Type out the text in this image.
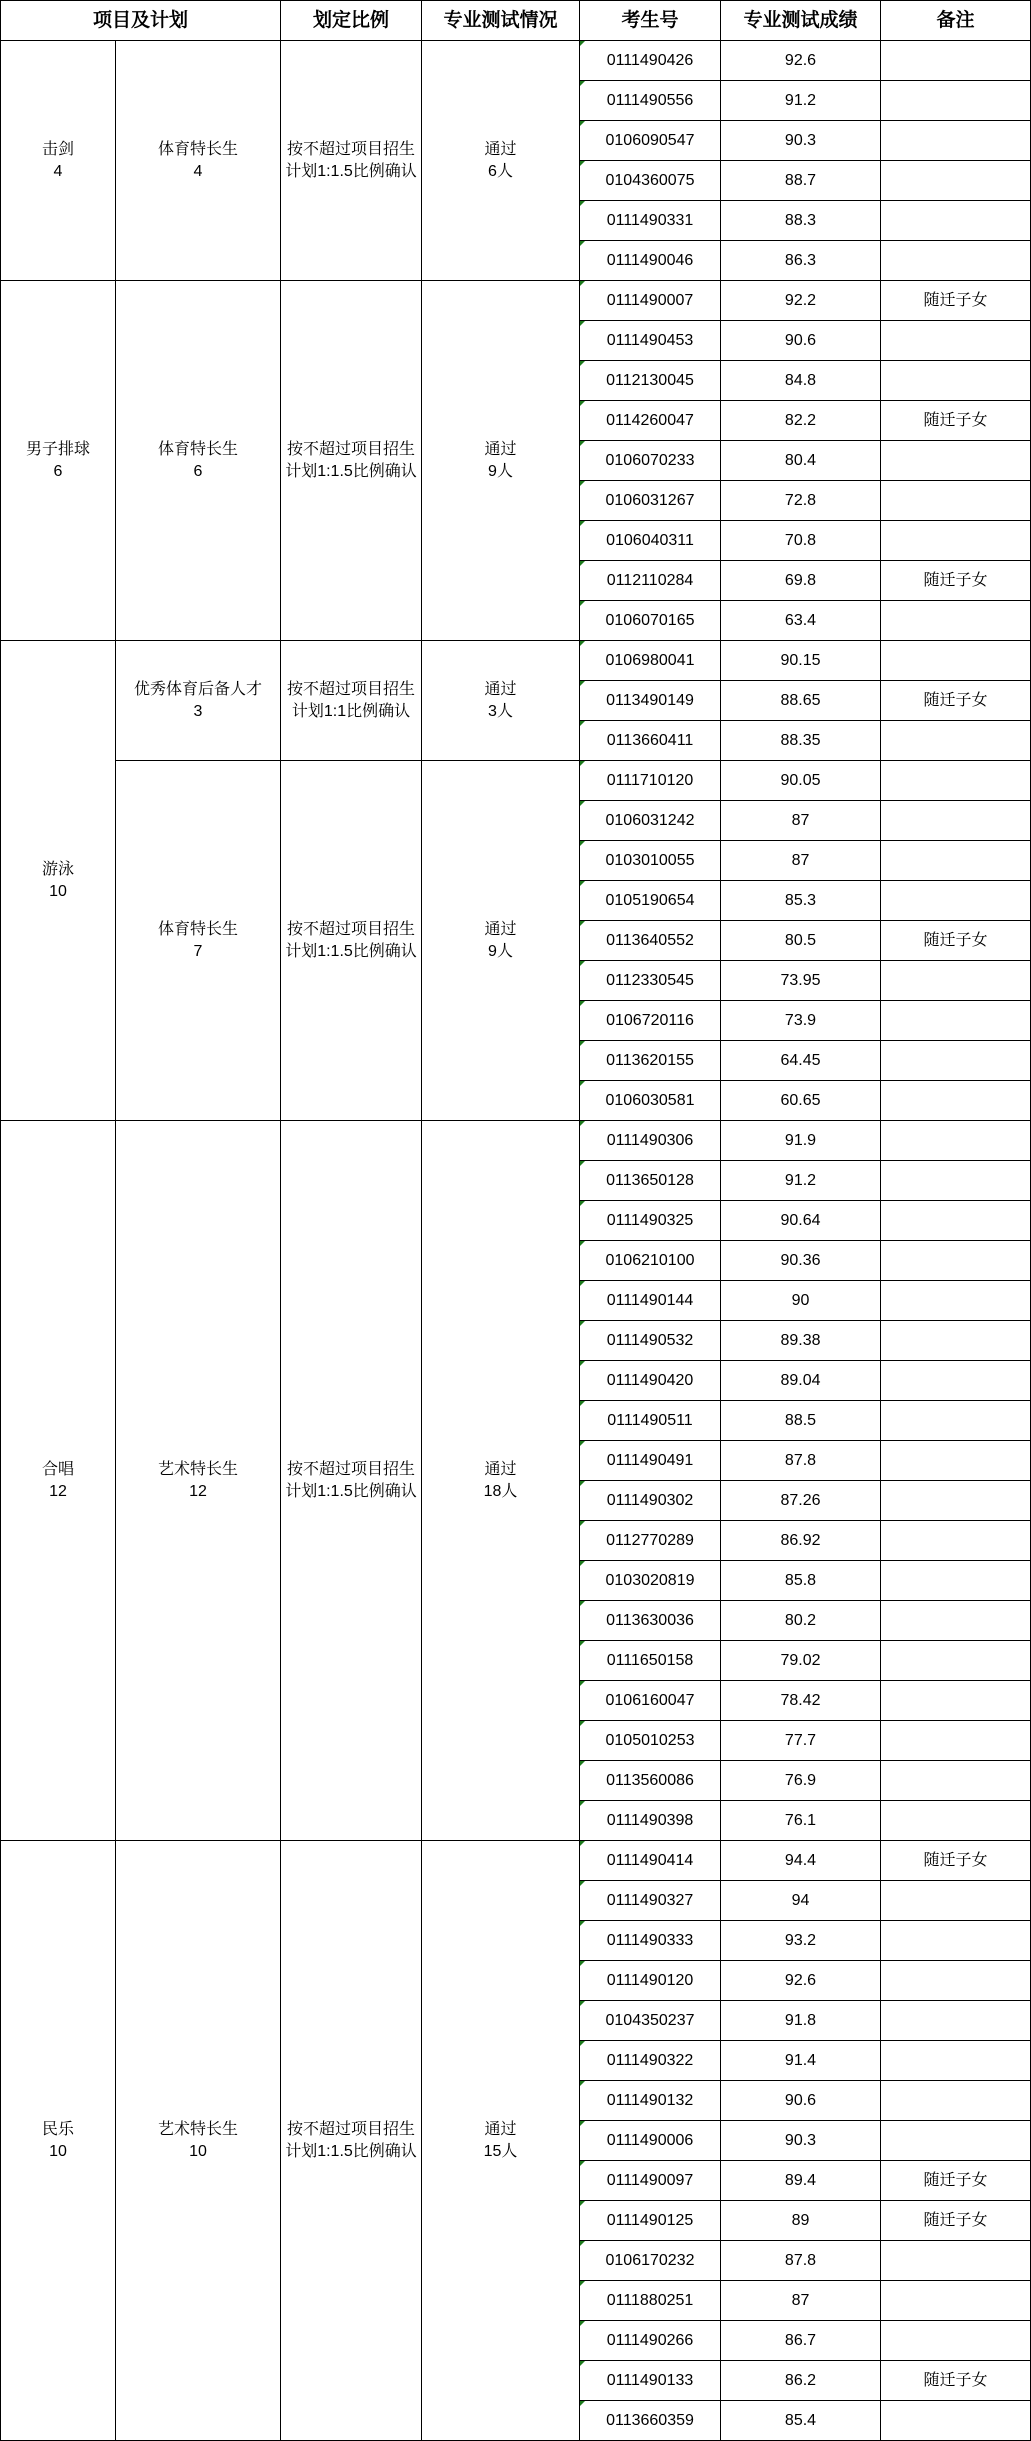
项目及计划	划定比例	专业测试情况	考生号	专业测试成绩	备注
击剑
4
体育特长生
4
按不超过项目招生
计划1:1.5比例确认
通过
6人
0111490426	92.6
0111490556	91.2
0106090547	90.3
0104360075	88.7
0111490331	88.3
0111490046	86.3
男子排球
6
体育特长生
6
按不超过项目招生
计划1:1.5比例确认
通过
9人
0111490007	92.2	随迁子女
0111490453	90.6
0112130045	84.8
0114260047	82.2	随迁子女
0106070233	80.4
0106031267	72.8
0106040311	70.8
0112110284	69.8	随迁子女
0106070165	63.4
游泳
10
优秀体育后备人才
3
按不超过项目招生
计划1:1比例确认
通过
3人
0106980041	90.15
0113490149	88.65	随迁子女
0113660411	88.35
体育特长生
7
按不超过项目招生
计划1:1.5比例确认
通过
9人
0111710120	90.05
0106031242	87
0103010055	87
0105190654	85.3
0113640552	80.5	随迁子女
0112330545	73.95
0106720116	73.9
0113620155	64.45
0106030581	60.65
合唱
12
艺术特长生
12
按不超过项目招生
计划1:1.5比例确认
通过
18人
0111490306	91.9
0113650128	91.2
0111490325	90.64
0106210100	90.36
0111490144	90
0111490532	89.38
0111490420	89.04
0111490511	88.5
0111490491	87.8
0111490302	87.26
0112770289	86.92
0103020819	85.8
0113630036	80.2
0111650158	79.02
0106160047	78.42
0105010253	77.7
0113560086	76.9
0111490398	76.1
民乐
10
艺术特长生
10
按不超过项目招生
计划1:1.5比例确认
通过
15人
0111490414	94.4	随迁子女
0111490327	94
0111490333	93.2
0111490120	92.6
0104350237	91.8
0111490322	91.4
0111490132	90.6
0111490006	90.3
0111490097	89.4	随迁子女
0111490125	89	随迁子女
0106170232	87.8
0111880251	87
0111490266	86.7
0111490133	86.2	随迁子女
0113660359	85.4
